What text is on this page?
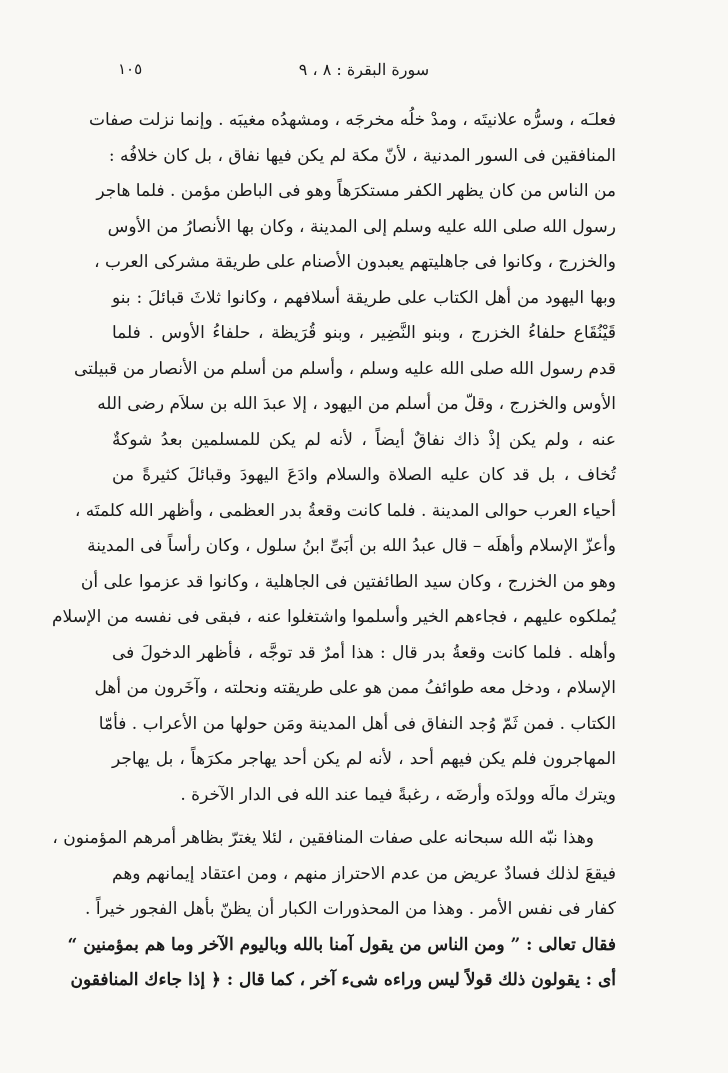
سورة البقرة : ٨ ، ٩
١٠٥
فعلـَه ، وسرُّه علانيتَه ، ومدْ خلُه مخرجَه ، ومشهدُه مغيبَه . وإنما نزلت صفات
المنافقين فى السور المدنية ، لأنّ مكة لم يكن فيها نفاق ، بل كان خلافُه :
من الناس من كان يظهر الكفر مستكرَهاً وهو فى الباطن مؤمن . فلما هاجر
رسول الله صلى الله عليه وسلم إلى المدينة ، وكان بها الأنصارُ من الأوس
والخزرج ، وكانوا فى جاهليتهم يعبدون الأصنام على طريقة مشركى العرب ،
وبها اليهود من أهل الكتاب على طريقة أسلافهم ، وكانوا ثلاثَ قبائلَ : بنو
قَيْنُقَاع حلفاءُ الخزرج ، وبنو النَّضِير ، وبنو قُرَيظة ، حلفاءُ الأوس . فلما
قدم رسول الله صلى الله عليه وسلم ، وأسلم من أسلم من الأنصار من قبيلتى
الأوس والخزرج ، وقلّ من أسلم من اليهود ، إلا عبدَ الله بن سلاَم رضى الله
عنه ، ولم يكن إذْ ذاك نفاقٌ أيضاً ، لأنه لم يكن للمسلمين بعدُ شوكةٌ
تُخاف ، بل قد كان عليه الصلاة والسلام وادَعَ اليهودَ وقبائلَ كثيرةً من
أحياء العرب حوالى المدينة . فلما كانت وقعةُ بدر العظمى ، وأظهر الله كلمتَه ،
وأعزّ الإسلام وأهلَه – قال عبدُ الله بن أبَىِّ ابنُ سلول ، وكان رأساً فى المدينة
وهو من الخزرج ، وكان سيد الطائفتين فى الجاهلية ، وكانوا قد عزموا على أن
يُملكوه عليهم ، فجاءهم الخير وأسلموا واشتغلوا عنه ، فبقى فى نفسه من الإسلام
وأهله . فلما كانت وقعةُ بدر قال : هذا أمرٌ قد توجَّه ، فأظهر الدخولَ فى
الإسلام ، ودخل معه طوائفُ ممن هو على طريقته ونحلته ، وآخَرون من أهل
الكتاب . فمن ثَمّ وُجد النفاق فى أهل المدينة ومَن حولها من الأعراب . فأمّا
المهاجرون فلم يكن فيهم أحد ، لأنه لم يكن أحد يهاجر مكرَهاً ، بل يهاجر
ويترك مالَه وولدَه وأرضَه ، رغبةً فيما عند الله فى الدار الآخرة .
وهذا نبّه الله سبحانه على صفات المنافقين ، لئلا يغترّ بظاهر أمرهم المؤمنون ،
فيقعَ لذلك فسادٌ عريض من عدم الاحتراز منهم ، ومن اعتقاد إيمانهم وهم
كفار فى نفس الأمر . وهذا من المحذورات الكبار أن يظنّ بأهل الفجور خيراً .
فقال تعالى : ” ومن الناس من يقول آمنا بالله وباليوم الآخر وما هم بمؤمنين “
أى : يقولون ذلك قولاً ليس وراءه شىء آخر ، كما قال : ﴿ إذا جاءك المنافقون
